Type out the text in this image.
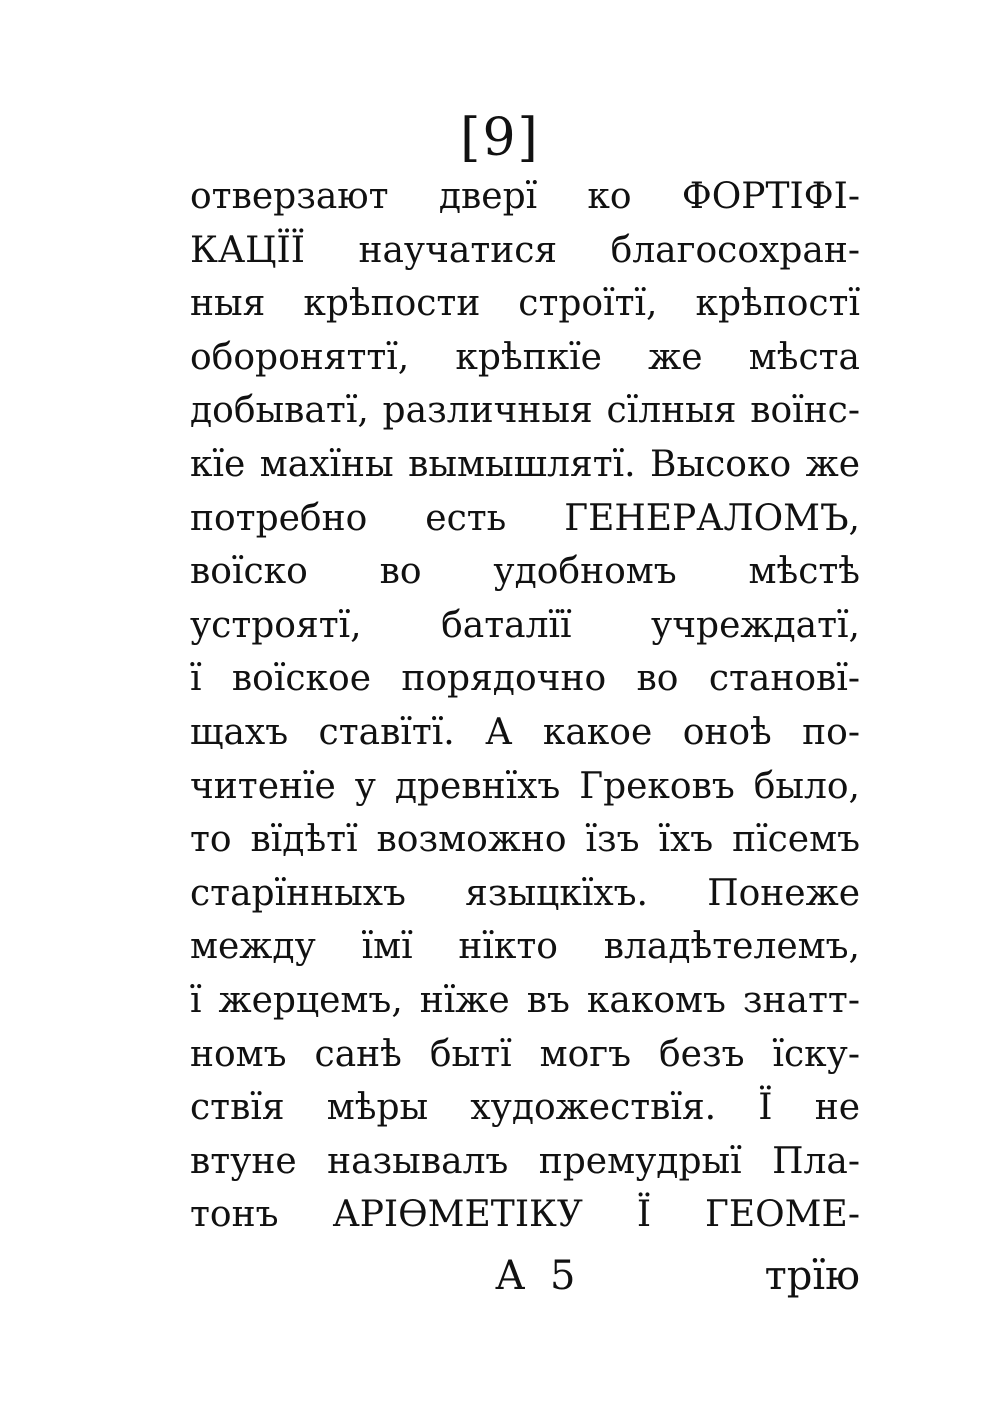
[9]
отверзают дверї ко ФОРТІФІ-
КАЦЇЇ научатися благосохран-
ныя крѣпости строїтї, крѣпостї
обороняттї, крѣпкїе же мѣста
добыватї, различныя сїлныя воїнс-
кїе махїны вымышлятї. Высоко же
потребно есть ГЕНЕРАЛОМЪ,
воїско во удобномъ мѣстѣ
устроятї, баталїї учреждатї,
ї воїское порядочно во становї-
щахъ ставїтї. А какое оноѣ по-
читенїе у древнїхъ Грековъ было,
то вїдѣтї возможно їзъ їхъ пїсемъ
старїнныхъ языцкїхъ. Понеже
между їмї нїкто владѣтелемъ,
ї жерцемъ, нїже въ какомъ знатт-
номъ санѣ бытї могъ безъ їску-
ствїя мѣры художествїя. Ї не
втуне называлъ премудрыї Пла-
тонъ АРІѲМЕТІКУ Ї ГЕОМЕ-
А 5	трїю
